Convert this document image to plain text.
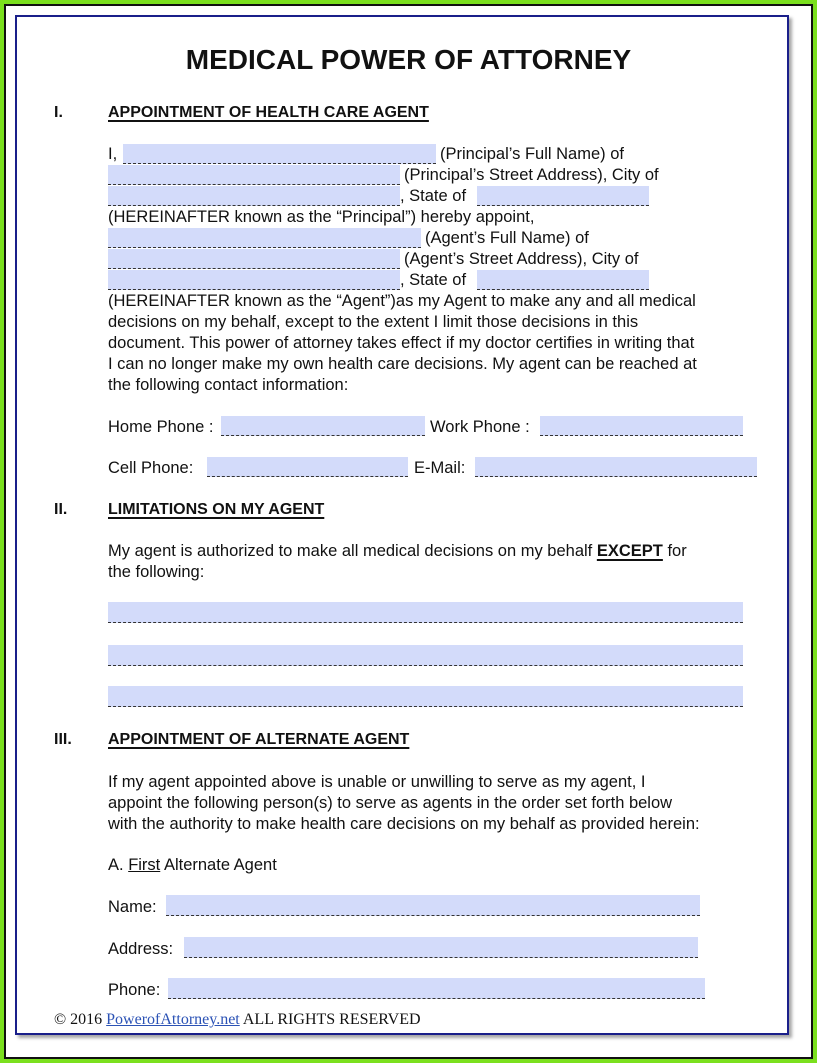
MEDICAL POWER OF ATTORNEY
I.	APPOINTMENT OF HEALTH CARE AGENT
I,	(Principal’s Full Name) of
(Principal’s Street Address), City of
, State of
(HEREINAFTER known as the “Principal”) hereby appoint,
(Agent’s Full Name) of
(Agent’s Street Address), City of
, State of
(HEREINAFTER known as the “Agent”)as my Agent to make any and all medical
decisions on my behalf, except to the extent I limit those decisions in this
document. This power of attorney takes effect if my doctor certifies in writing that
I can no longer make my own health care decisions. My agent can be reached at
the following contact information:
Home Phone :	Work Phone :
Cell Phone:	E-Mail:
II.	LIMITATIONS ON MY AGENT
My agent is authorized to make all medical decisions on my behalf EXCEPT for
the following:
III. APPOINTMENT OF ALTERNATE AGENT
If my agent appointed above is unable or unwilling to serve as my agent, I
appoint the following person(s) to serve as agents in the order set forth below
with the authority to make health care decisions on my behalf as provided herein:
A. First Alternate Agent
Name:
Address:
Phone:
© 2016 PowerofAttorney.net ALL RIGHTS RESERVED
